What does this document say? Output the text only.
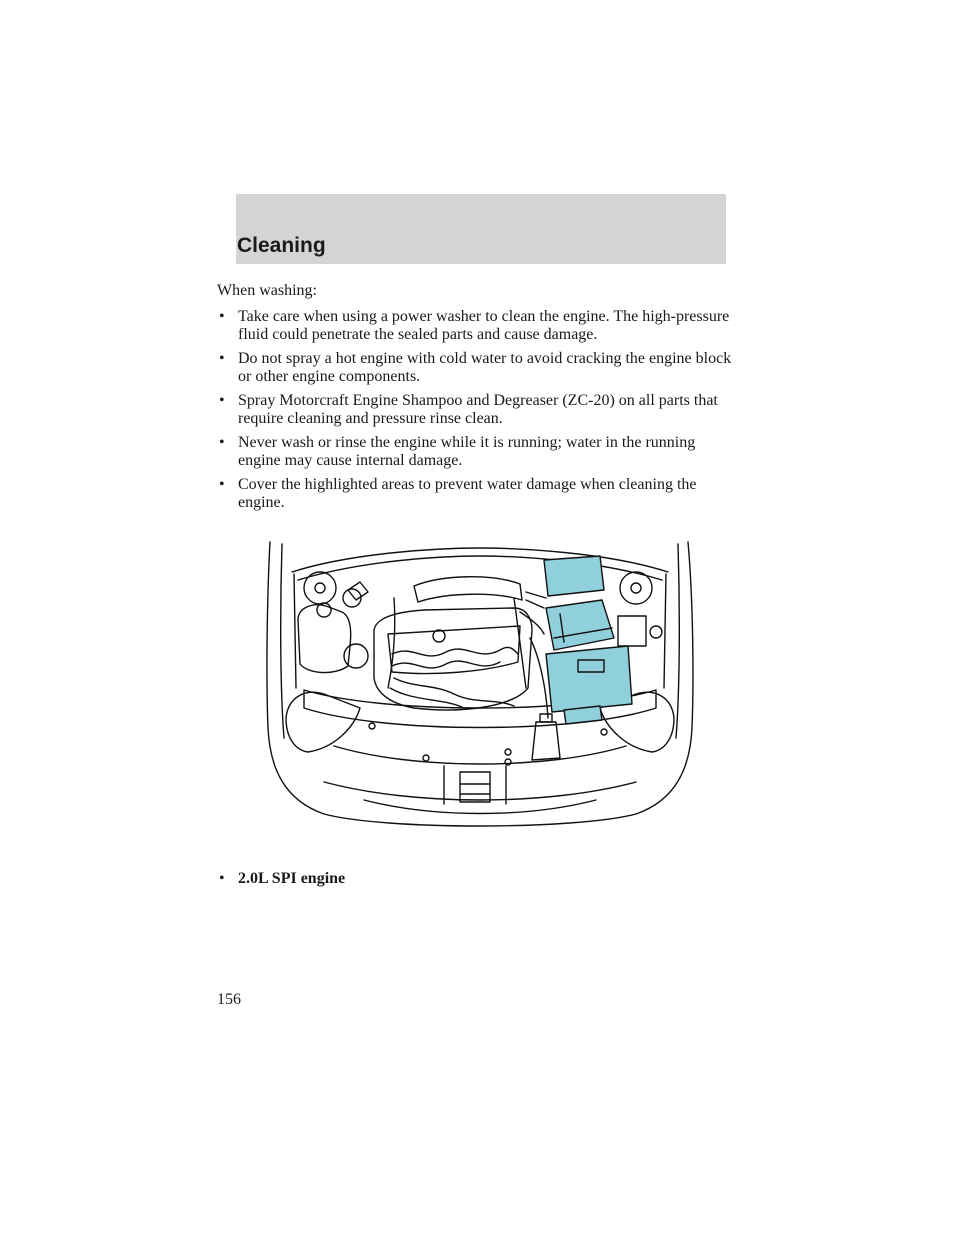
Cleaning

When washing:

• Take care when using a power washer to clean the engine. The high-pressure fluid could penetrate the sealed parts and cause damage.
• Do not spray a hot engine with cold water to avoid cracking the engine block or other engine components.
• Spray Motorcraft Engine Shampoo and Degreaser (ZC-20) on all parts that require cleaning and pressure rinse clean.
• Never wash or rinse the engine while it is running; water in the running engine may cause internal damage.
• Cover the highlighted areas to prevent water damage when cleaning the engine.
• 2.0L SPI engine
156
